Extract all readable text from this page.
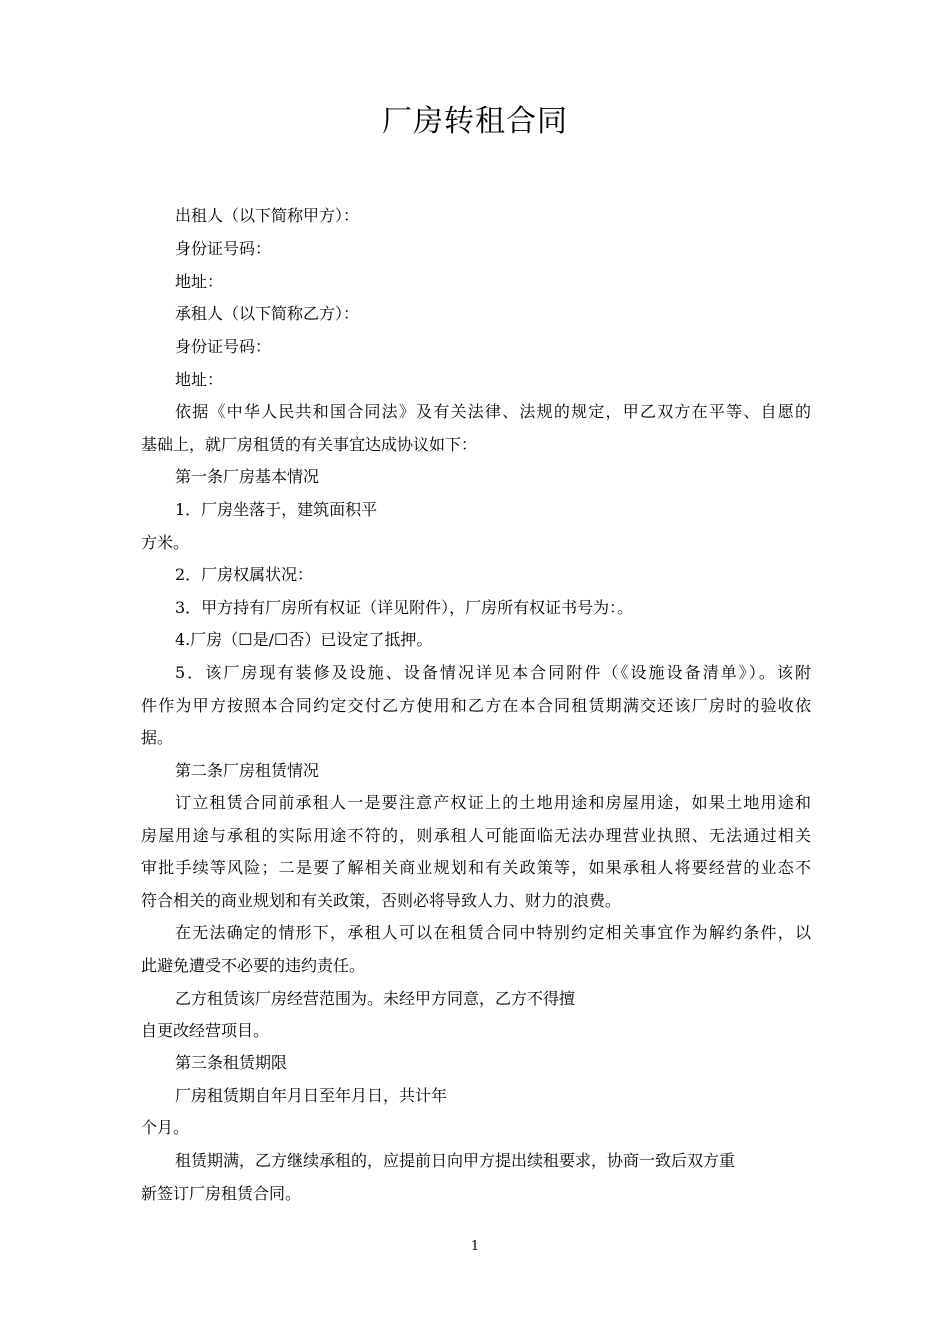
厂房转租合同
出租人（以下简称甲方）：
身份证号码：
地址：
承租人（以下简称乙方）：
身份证号码：
地址：
依据《中华人民共和国合同法》及有关法律、法规的规定，甲乙双方在平等、自愿的
基础上，就厂房租赁的有关事宜达成协议如下：
第一条厂房基本情况
1．厂房坐落于，建筑面积平
方米。
2．厂房权属状况：
3．甲方持有厂房所有权证（详见附件），厂房所有权证书号为：。
4.厂房（☐是/☐否）已设定了抵押。
5．该厂房现有装修及设施、设备情况详见本合同附件（《设施设备清单》）。该附
件作为甲方按照本合同约定交付乙方使用和乙方在本合同租赁期满交还该厂房时的验收依
据。
第二条厂房租赁情况
订立租赁合同前承租人一是要注意产权证上的土地用途和房屋用途，如果土地用途和
房屋用途与承租的实际用途不符的，则承租人可能面临无法办理营业执照、无法通过相关
审批手续等风险；二是要了解相关商业规划和有关政策等，如果承租人将要经营的业态不
符合相关的商业规划和有关政策，否则必将导致人力、财力的浪费。
在无法确定的情形下，承租人可以在租赁合同中特别约定相关事宜作为解约条件，以
此避免遭受不必要的违约责任。
乙方租赁该厂房经营范围为。未经甲方同意，乙方不得擅
自更改经营项目。
第三条租赁期限
厂房租赁期自年月日至年月日，共计年
个月。
租赁期满，乙方继续承租的，应提前日向甲方提出续租要求，协商一致后双方重
新签订厂房租赁合同。
1
